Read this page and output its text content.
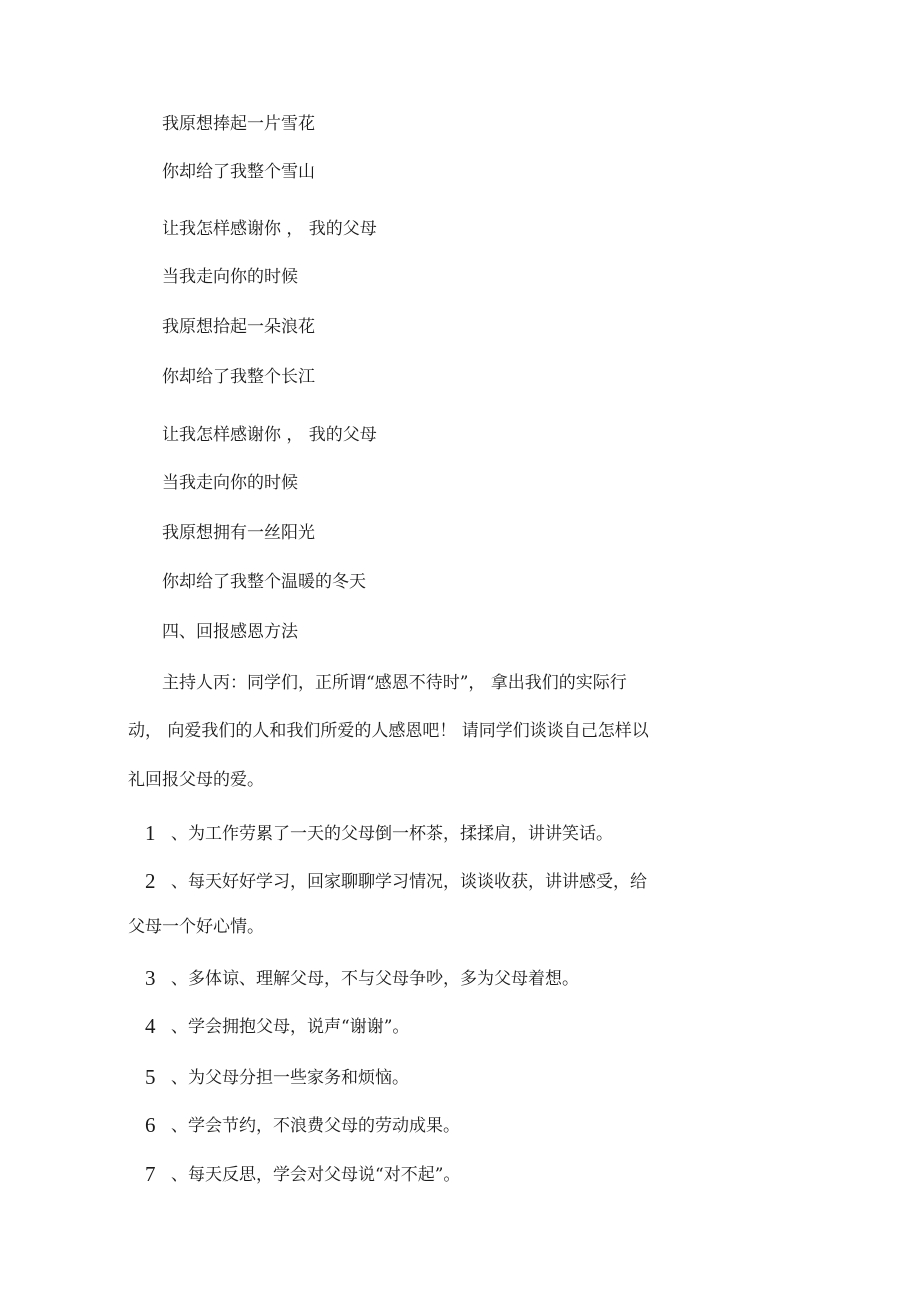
我原想捧起一片雪花
你却给了我整个雪山
让我怎样感谢你 ， 我的父母
当我走向你的时候
我原想拾起一朵浪花
你却给了我整个长江
让我怎样感谢你 ， 我的父母
当我走向你的时候
我原想拥有一丝阳光
你却给了我整个温暖的冬天
四、回报感恩方法
主持人丙：同学们，正所谓“感恩不待时”， 拿出我们的实际行
动， 向爱我们的人和我们所爱的人感恩吧！ 请同学们谈谈自己怎样以
礼回报父母的爱。
1 、为工作劳累了一天的父母倒一杯茶，揉揉肩，讲讲笑话。
2 、每天好好学习，回家聊聊学习情况，谈谈收获，讲讲感受，给
父母一个好心情。
3 、多体谅、理解父母，不与父母争吵，多为父母着想。
4 、学会拥抱父母，说声“谢谢”。
5 、为父母分担一些家务和烦恼。
6 、学会节约，不浪费父母的劳动成果。
7 、每天反思，学会对父母说“对不起”。
